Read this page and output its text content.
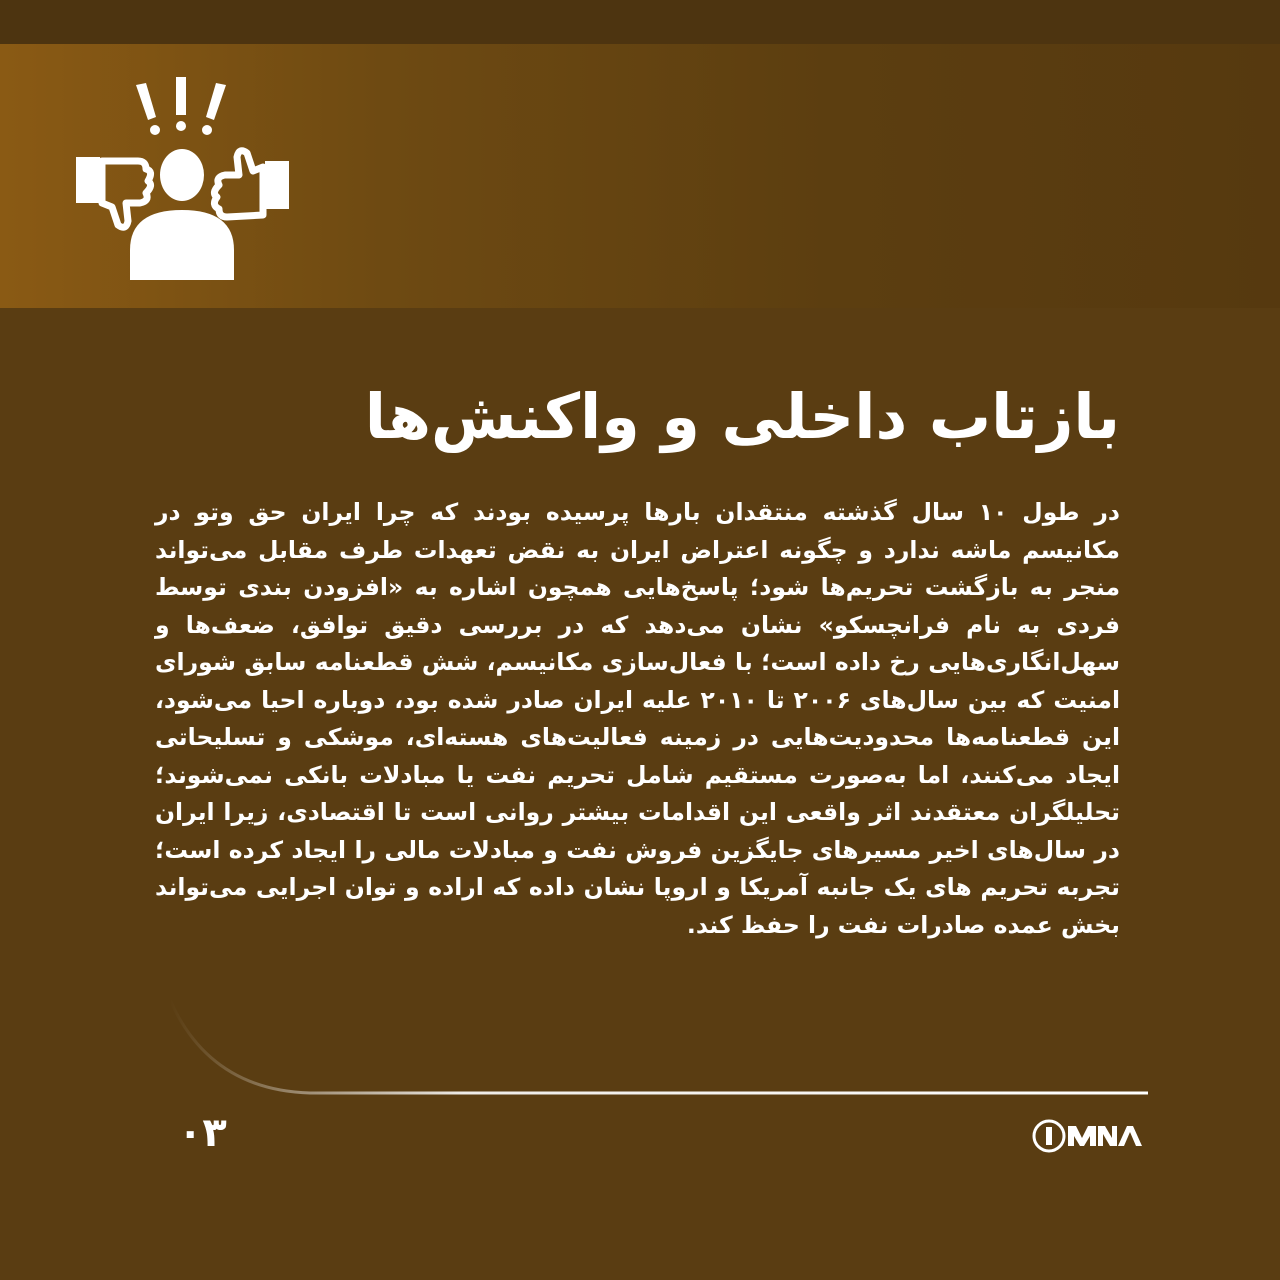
بازتاب داخلی و واکنش‌ها
در طول ۱۰ سال گذشته منتقدان بارها پرسیده بودند که چرا ایران حق وتو در مکانیسم ماشه ندارد و چگونه اعتراض ایران به نقض تعهدات طرف مقابل می‌تواند منجر به بازگشت تحریم‌ها شود؛ پاسخ‌هایی همچون اشاره به «افزودن بندی توسط فردی به نام فرانچسکو» نشان می‌دهد که در بررسی دقیق توافق، ضعف‌ها و سهل‌انگاری‌هایی رخ داده است؛ با فعال‌سازی مکانیسم، شش قطعنامه سابق شورای امنیت که بین سال‌های ۲۰۰۶ تا ۲۰۱۰ علیه ایران صادر شده بود، دوباره احیا می‌شود، این قطعنامه‌ها محدودیت‌هایی در زمینه فعالیت‌های هسته‌ای، موشکی و تسلیحاتی ایجاد می‌کنند، اما به‌صورت مستقیم شامل تحریم نفت یا مبادلات بانکی نمی‌شوند؛ تحلیلگران معتقدند اثر واقعی این اقدامات بیشتر روانی است تا اقتصادی، زیرا ایران در سال‌های اخیر مسیرهای جایگزین فروش نفت و مبادلات مالی را ایجاد کرده است؛ تجربه تحریم های یک جانبه آمریکا و اروپا نشان داده که اراده و توان اجرایی می‌تواند بخش عمده صادرات نفت را حفظ کند.
۰۳	IMNA
